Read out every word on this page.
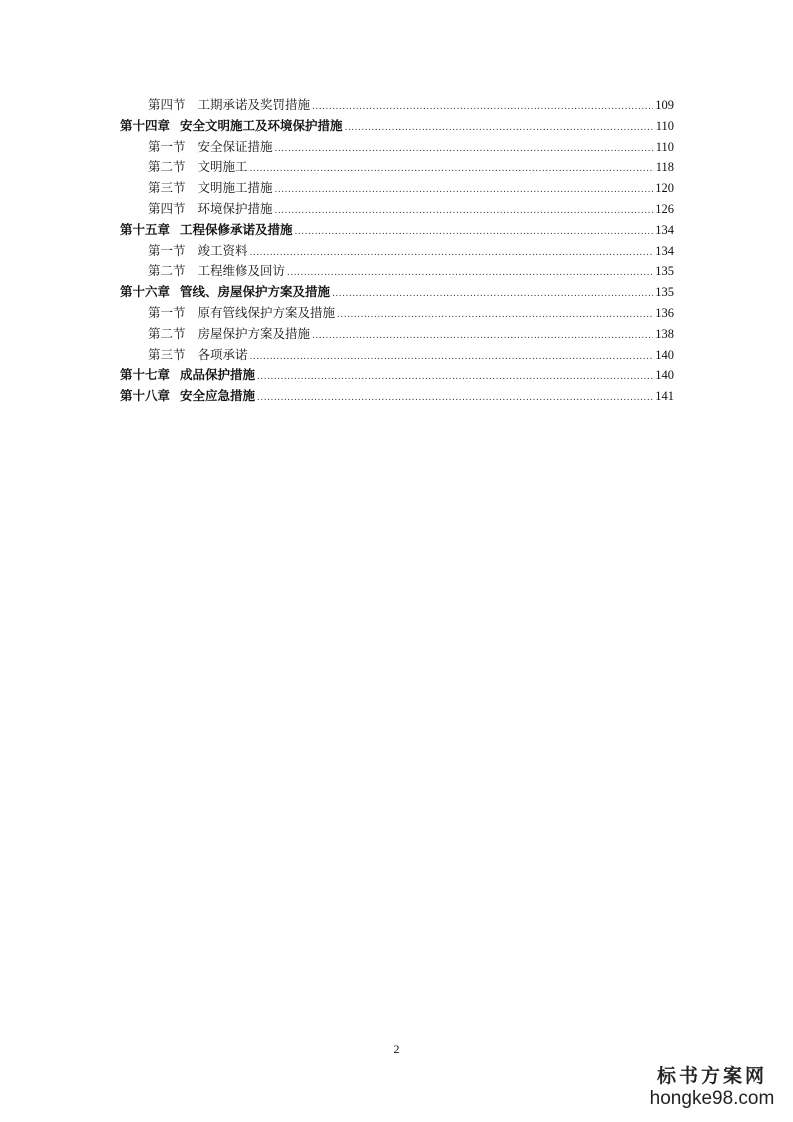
第四节 工期承诺及奖罚措施 .....	109
第十四章 安全文明施工及环境保护措施 .....	110
第一节 安全保证措施 .....	110
第二节 文明施工 .....	118
第三节 文明施工措施 .....	120
第四节 环境保护措施 .....	126
第十五章 工程保修承诺及措施 .....	134
第一节 竣工资料 .....	134
第二节 工程维修及回访 .....	135
第十六章 管线、房屋保护方案及措施 .....	135
第一节 原有管线保护方案及措施 .....	136
第二节 房屋保护方案及措施 .....	138
第三节 各项承诺 .....	140
第十七章 成品保护措施 .....	140
第十八章 安全应急措施 .....	141
2
标书方案网
hongke98.com
